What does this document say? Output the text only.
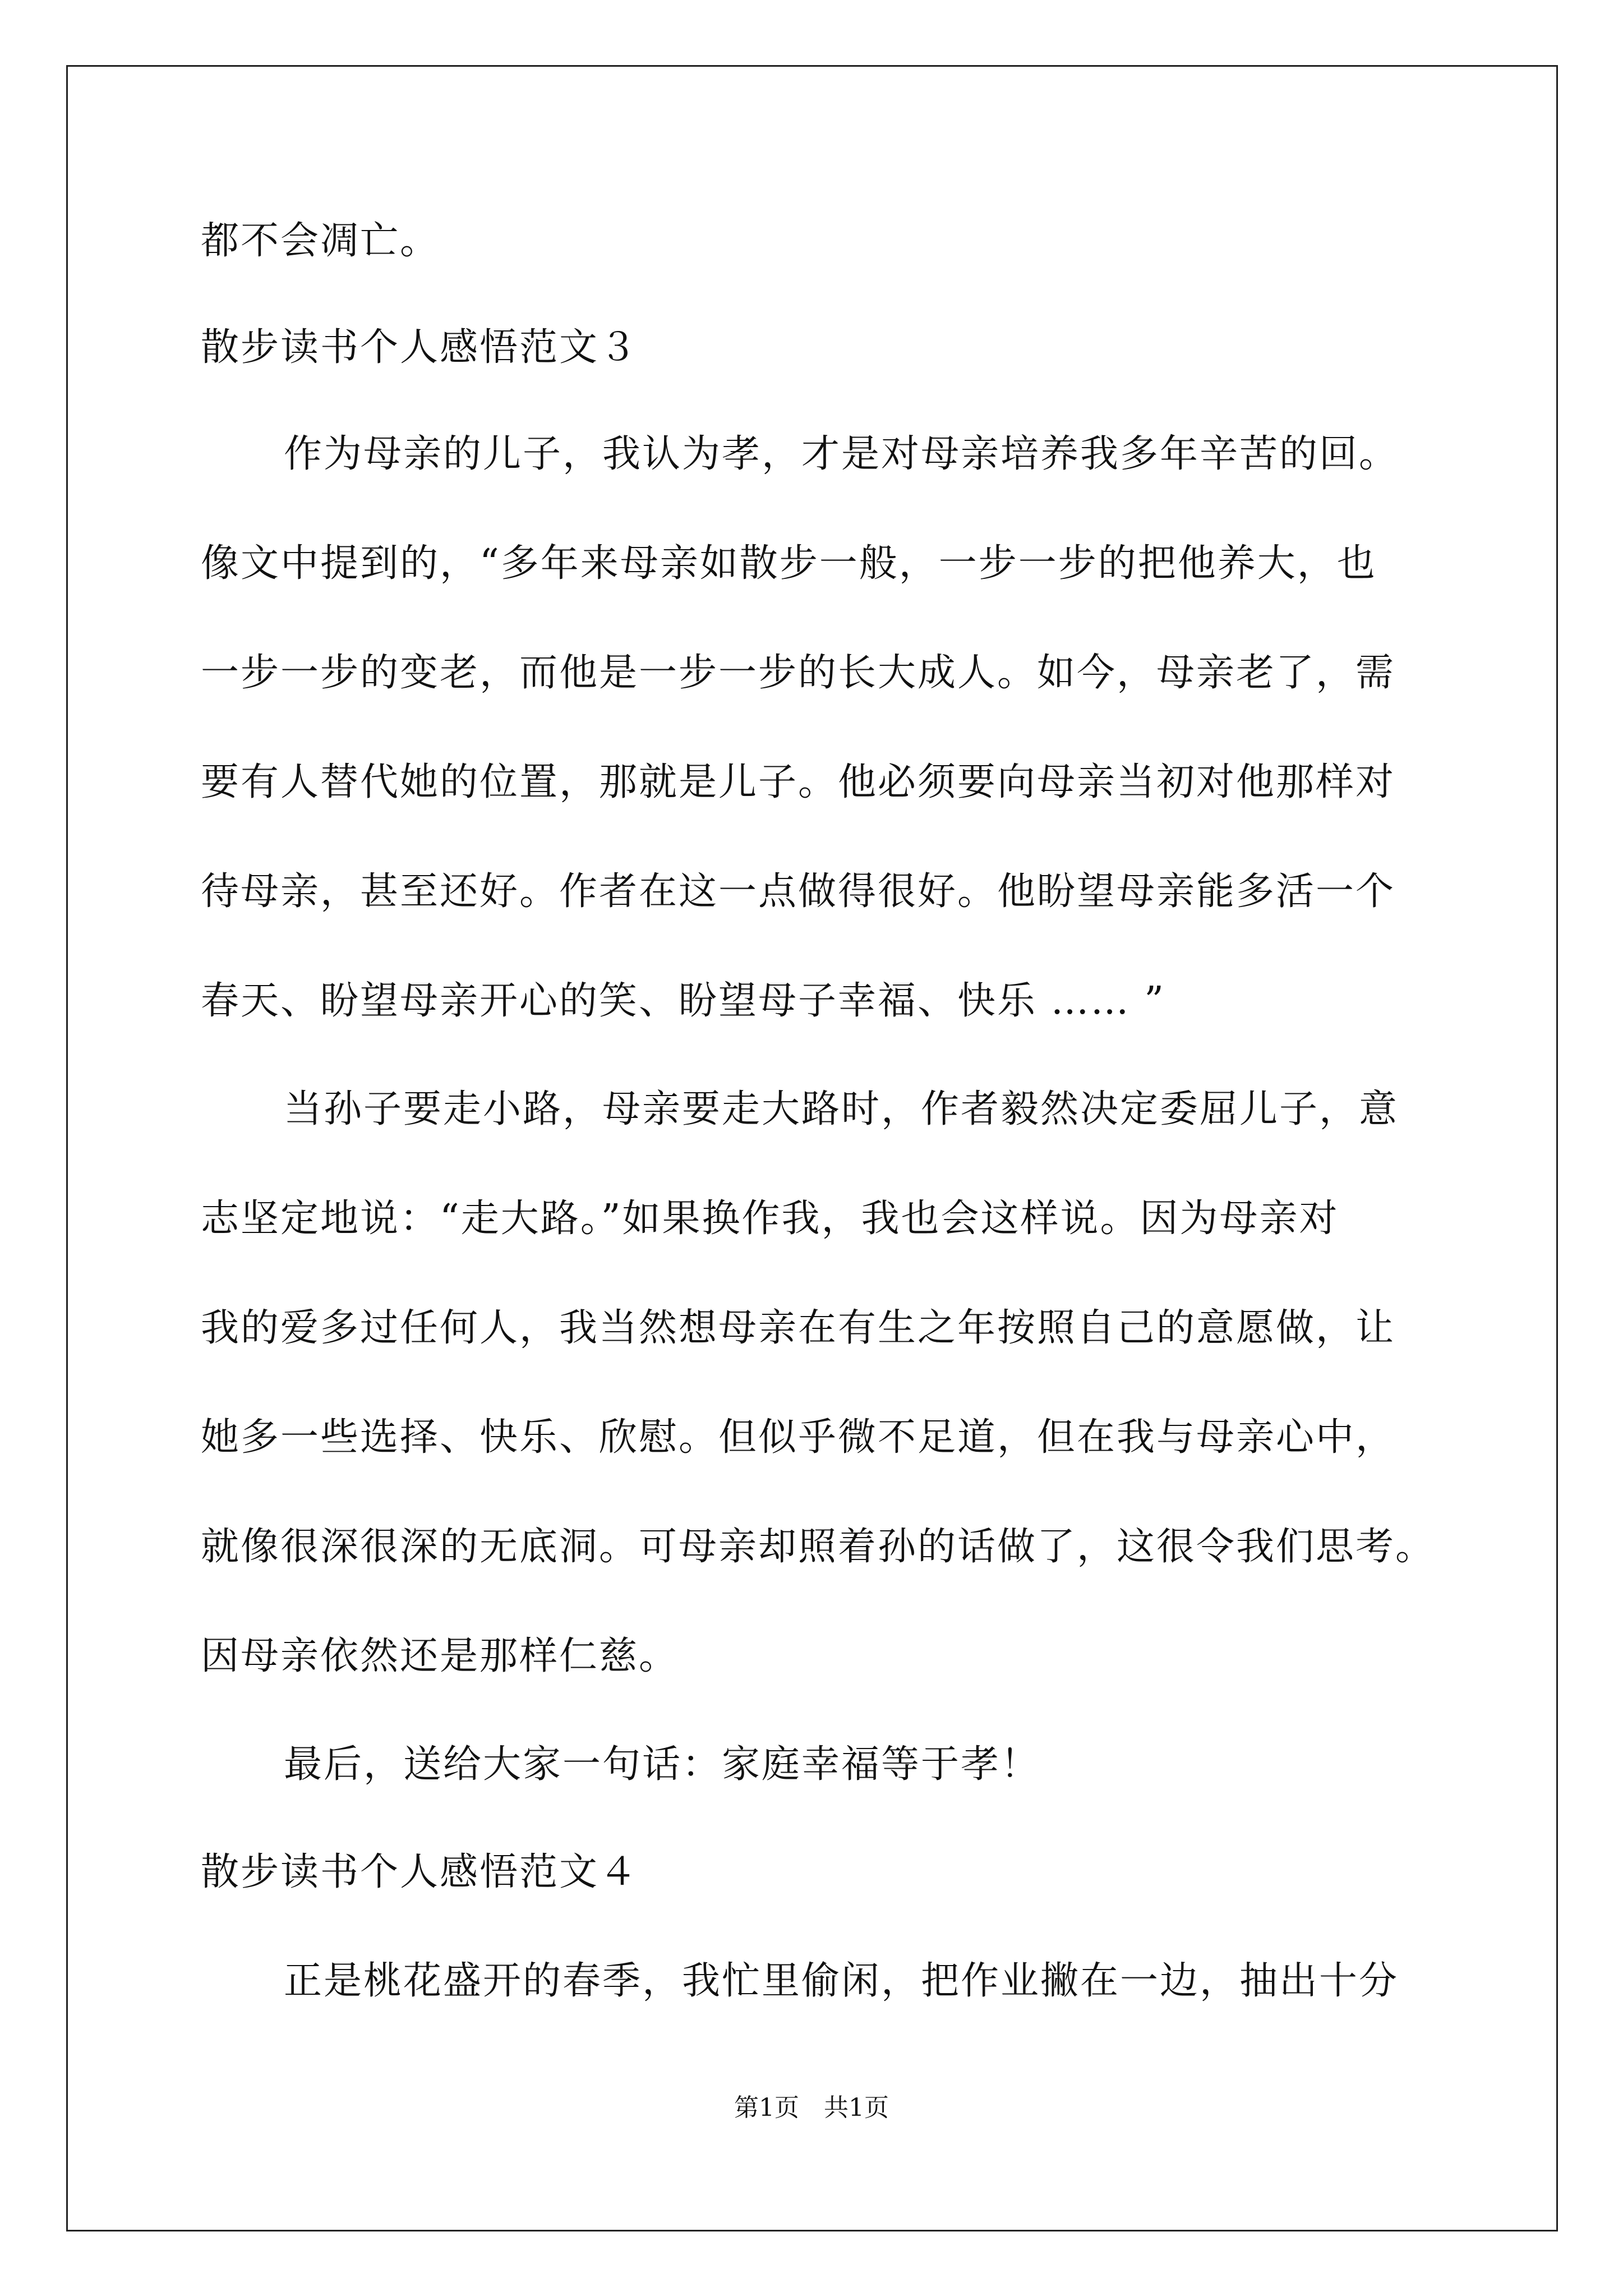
都不会凋亡。
散步读书个人感悟范文３
作为母亲的儿子，我认为孝，才是对母亲培养我多年辛苦的回。
像文中提到的，“多年来母亲如散步一般，一步一步的把他养大，也
一步一步的变老，而他是一步一步的长大成人。如今，母亲老了，需
要有人替代她的位置，那就是儿子。他必须要向母亲当初对他那样对
待母亲，甚至还好。作者在这一点做得很好。他盼望母亲能多活一个
春天、盼望母亲开心的笑、盼望母子幸福、快乐 …… ”
当孙子要走小路，母亲要走大路时，作者毅然决定委屈儿子，意
志坚定地说：“走大路。”如果换作我，我也会这样说。因为母亲对
我的爱多过任何人，我当然想母亲在有生之年按照自己的意愿做，让
她多一些选择、快乐、欣慰。但似乎微不足道，但在我与母亲心中，
就像很深很深的无底洞。可母亲却照着孙的话做了，这很令我们思考。
因母亲依然还是那样仁慈。
最后，送给大家一句话：家庭幸福等于孝！
散步读书个人感悟范文４
正是桃花盛开的春季，我忙里偷闲，把作业撇在一边，抽出十分
第1页　共1页
